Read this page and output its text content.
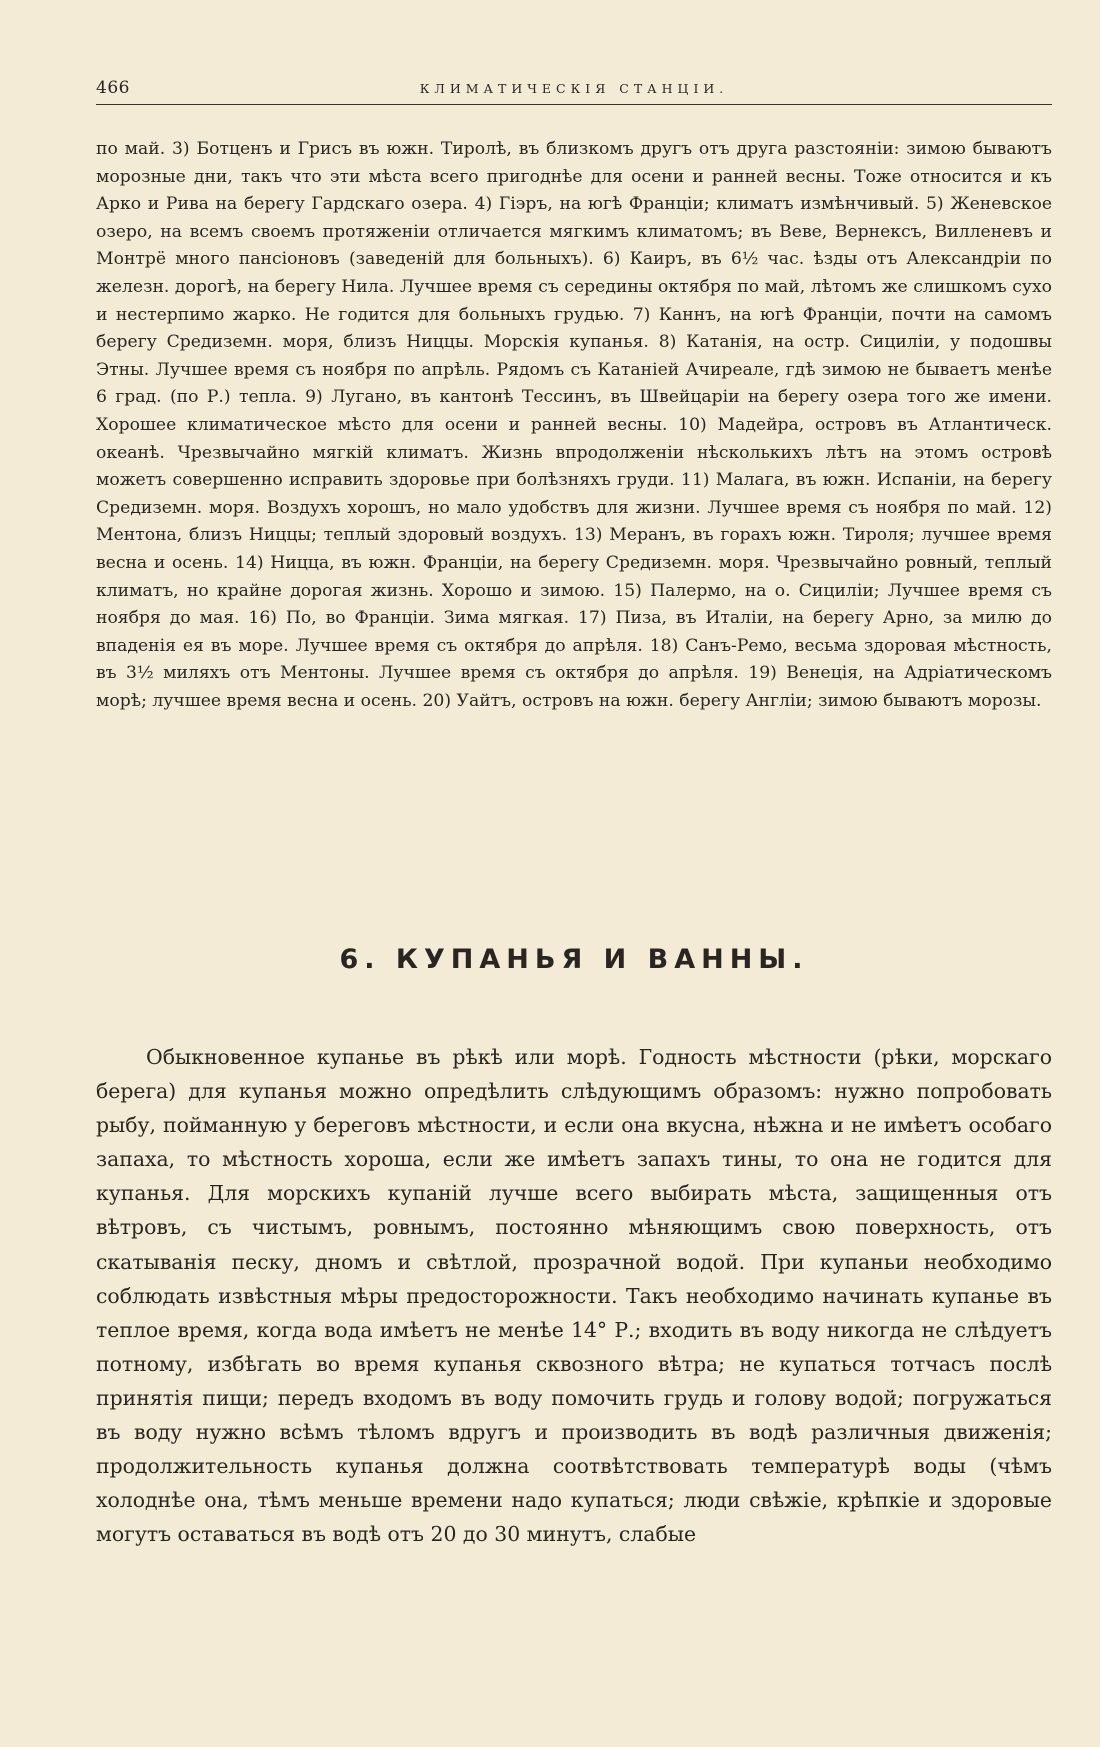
466	КЛИМАТИЧЕСКІЯ СТАНЦІИ.

по май. 3) Ботценъ и Грисъ въ южн. Тиролѣ, въ близкомъ другъ отъ друга разстояніи: зимою бываютъ морозные дни, такъ что эти мѣста всего пригоднѣе для осени и ранней весны. Тоже относится и къ Арко и Рива на берегу Гардскаго озера. 4) Гіэръ, на югѣ Франціи; климатъ измѣнчивый. 5) Женевское озеро, на всемъ своемъ протяженіи отличается мягкимъ климатомъ; въ Веве, Вернексъ, Вилленевъ и Монтрё много пансіоновъ (заведеній для больныхъ). 6) Каиръ, въ 6½ час. ѣзды отъ Александріи по железн. дорогѣ, на берегу Нила. Лучшее время съ середины октября по май, лѣтомъ же слишкомъ сухо и нестерпимо жарко. Не годится для больныхъ грудью. 7) Каннъ, на югѣ Франціи, почти на самомъ берегу Средиземн. моря, близъ Ниццы. Морскія купанья. 8) Катанія, на остр. Сициліи, у подошвы Этны. Лучшее время съ ноября по апрѣль. Рядомъ съ Катаніей Ачиреале, гдѣ зимою не бываетъ менѣе 6 град. (по Р.) тепла. 9) Лугано, въ кантонѣ Тессинъ, въ Швейцаріи на берегу озера того же имени. Хорошее климатическое мѣсто для осени и ранней весны. 10) Мадейра, островъ въ Атлантическ. океанѣ. Чрезвычайно мягкій климатъ. Жизнь впродолженіи нѣсколькихъ лѣтъ на этомъ островѣ можетъ совершенно исправить здоровье при болѣзняхъ груди. 11) Малага, въ южн. Испаніи, на берегу Средиземн. моря. Воздухъ хорошъ, но мало удобствъ для жизни. Лучшее время съ ноября по май. 12) Ментона, близъ Ниццы; теплый здоровый воздухъ. 13) Меранъ, въ горахъ южн. Тироля; лучшее время весна и осень. 14) Ницца, въ южн. Франціи, на берегу Средиземн. моря. Чрезвычайно ровный, теплый климатъ, но крайне дорогая жизнь. Хорошо и зимою. 15) Палермо, на о. Сициліи; Лучшее время съ ноября до мая. 16) По, во Франціи. Зима мягкая. 17) Пиза, въ Италіи, на берегу Арно, за милю до впаденія ея въ море. Лучшее время съ октября до апрѣля. 18) Санъ-Ремо, весьма здоровая мѣстность, въ 3½ миляхъ отъ Ментоны. Лучшее время съ октября до апрѣля. 19) Венеція, на Адріатическомъ морѣ; лучшее время весна и осень. 20) Уайтъ, островъ на южн. берегу Англіи; зимою бываютъ морозы.

6. КУПАНЬЯ И ВАННЫ.

Обыкновенное купанье въ рѣкѣ или морѣ. Годность мѣстности (рѣки, морскаго берега) для купанья можно опредѣлить слѣдующимъ образомъ: нужно попробовать рыбу, пойманную у береговъ мѣстности, и если она вкусна, нѣжна и не имѣетъ особаго запаха, то мѣстность хороша, если же имѣетъ запахъ тины, то она не годится для купанья. Для морскихъ купаній лучше всего выбирать мѣста, защищенныя отъ вѣтровъ, съ чистымъ, ровнымъ, постоянно мѣняющимъ свою поверхность, отъ скатыванія песку, дномъ и свѣтлой, прозрачной водой. При купаньи необходимо соблюдать извѣстныя мѣры предосторожности. Такъ необходимо начинать купанье въ теплое время, когда вода имѣетъ не менѣе 14° Р.; входить въ воду никогда не слѣдуетъ потному, избѣгать во время купанья сквозного вѣтра; не купаться тотчасъ послѣ принятія пищи; передъ входомъ въ воду помочить грудь и голову водой; погружаться въ воду нужно всѣмъ тѣломъ вдругъ и производить въ водѣ различныя движенія; продолжительность купанья должна соотвѣтствовать температурѣ воды (чѣмъ холоднѣе она, тѣмъ меньше времени надо купаться; люди свѣжіе, крѣпкіе и здоровые могутъ оставаться въ водѣ отъ 20 до 30 минутъ, слабые
